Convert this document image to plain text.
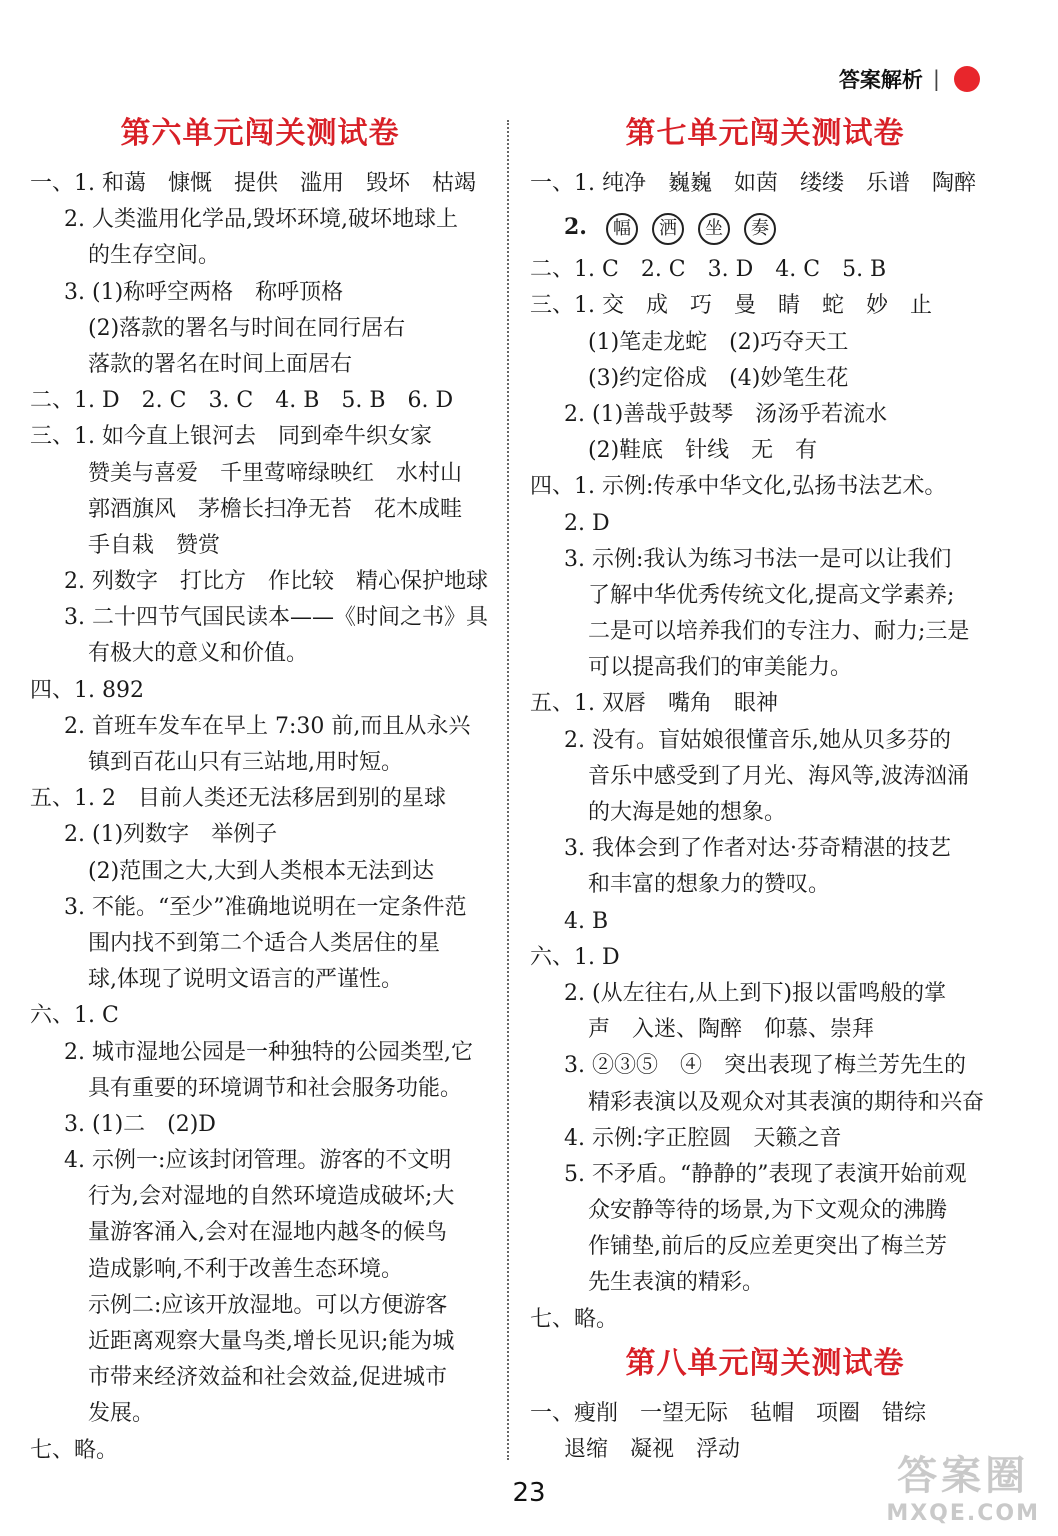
答案解析 |
第六单元闯关测试卷
一、1. 和蔼　慷慨　提供　滥用　毁坏　枯竭
2. 人类滥用化学品,毁坏环境,破坏地球上
的生存空间。
3. (1)称呼空两格　称呼顶格
(2)落款的署名与时间在同行居右
落款的署名在时间上面居右
二、1. D　2. C　3. C　4. B　5. B　6. D
三、1. 如今直上银河去　同到牵牛织女家
赞美与喜爱　千里莺啼绿映红　水村山
郭酒旗风　茅檐长扫净无苔　花木成畦
手自栽　赞赏
2. 列数字　打比方　作比较　精心保护地球
3. 二十四节气国民读本——《时间之书》具
有极大的意义和价值。
四、1. 892
2. 首班车发车在早上 7:30 前,而且从永兴
镇到百花山只有三站地,用时短。
五、1. 2　目前人类还无法移居到别的星球
2. (1)列数字　举例子
(2)范围之大,大到人类根本无法到达
3. 不能。“至少”准确地说明在一定条件范
围内找不到第二个适合人类居住的星
球,体现了说明文语言的严谨性。
六、1. C
2. 城市湿地公园是一种独特的公园类型,它
具有重要的环境调节和社会服务功能。
3. (1)二　(2)D
4. 示例一:应该封闭管理。游客的不文明
行为,会对湿地的自然环境造成破坏;大
量游客涌入,会对在湿地内越冬的候鸟
造成影响,不利于改善生态环境。
示例二:应该开放湿地。可以方便游客
近距离观察大量鸟类,增长见识;能为城
市带来经济效益和社会效益,促进城市
发展。
七、略。
第七单元闯关测试卷
一、1. 纯净　巍巍　如茵　缕缕　乐谱　陶醉
2. 幅 洒 坐 奏
二、1. C　2. C　3. D　4. C　5. B
三、1. 交　成　巧　曼　睛　蛇　妙　止
(1)笔走龙蛇　(2)巧夺天工
(3)约定俗成　(4)妙笔生花
2. (1)善哉乎鼓琴　汤汤乎若流水
(2)鞋底　针线　无　有
四、1. 示例:传承中华文化,弘扬书法艺术。
2. D
3. 示例:我认为练习书法一是可以让我们
了解中华优秀传统文化,提高文学素养;
二是可以培养我们的专注力、耐力;三是
可以提高我们的审美能力。
五、1. 双唇　嘴角　眼神
2. 没有。盲姑娘很懂音乐,她从贝多芬的
音乐中感受到了月光、海风等,波涛汹涌
的大海是她的想象。
3. 我体会到了作者对达·芬奇精湛的技艺
和丰富的想象力的赞叹。
4. B
六、1. D
2. (从左往右,从上到下)报以雷鸣般的掌
声　入迷、陶醉　仰慕、崇拜
3. ②③⑤　④　突出表现了梅兰芳先生的
精彩表演以及观众对其表演的期待和兴奋
4. 示例:字正腔圆　天籁之音
5. 不矛盾。“静静的”表现了表演开始前观
众安静等待的场景,为下文观众的沸腾
作铺垫,前后的反应差更突出了梅兰芳
先生表演的精彩。
七、略。
第八单元闯关测试卷
一、瘦削　一望无际　毡帽　项圈　错综
退缩　凝视　浮动
23	答案圈
MXQE.COM
